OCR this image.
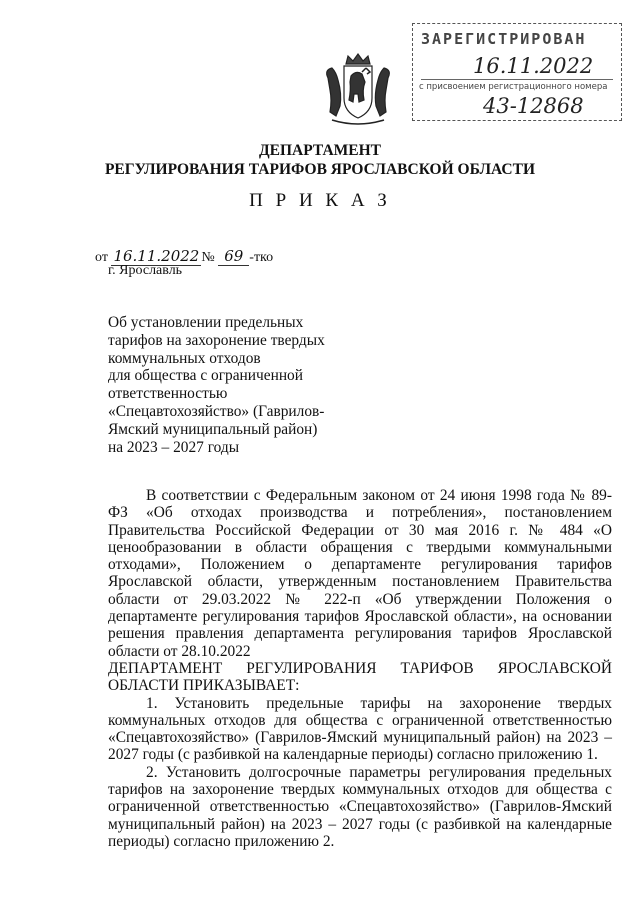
ЗАРЕГИСТРИРОВАН
16.11.2022
с присвоением регистрационного номера
43-12868
ДЕПАРТАМЕНТ
РЕГУЛИРОВАНИЯ ТАРИФОВ ЯРОСЛАВСКОЙ ОБЛАСТИ
П Р И К А З
от 16.11.2022 № 69 -тко
г. Ярославль
Об установлении предельных
тарифов на захоронение твердых
коммунальных отходов
для общества с ограниченной
ответственностью
«Спецавтохозяйство» (Гаврилов-
Ямский муниципальный район)
на 2023 – 2027 годы

В соответствии с Федеральным законом от 24 июня 1998 года № 89-ФЗ «Об отходах производства и потребления», постановлением Правительства Российской Федерации от 30 мая 2016 г. № 484 «О ценообразовании в области обращения с твердыми коммунальными отходами», Положением о департаменте регулирования тарифов Ярославской области, утвержденным постановлением Правительства области от 29.03.2022 № 222-п «Об утверждении Положения о департаменте регулирования тарифов Ярославской области», на основании решения правления департамента регулирования тарифов Ярославской области от 28.10.2022

ДЕПАРТАМЕНТ РЕГУЛИРОВАНИЯ ТАРИФОВ ЯРОСЛАВСКОЙ ОБЛАСТИ ПРИКАЗЫВАЕТ:

1. Установить предельные тарифы на захоронение твердых коммунальных отходов для общества с ограниченной ответственностью «Спецавтохозяйство» (Гаврилов-Ямский муниципальный район) на 2023 – 2027 годы (с разбивкой на календарные периоды) согласно приложению 1.

2. Установить долгосрочные параметры регулирования предельных тарифов на захоронение твердых коммунальных отходов для общества с ограниченной ответственностью «Спецавтохозяйство» (Гаврилов-Ямский муниципальный район) на 2023 – 2027 годы (с разбивкой на календарные периоды) согласно приложению 2.
